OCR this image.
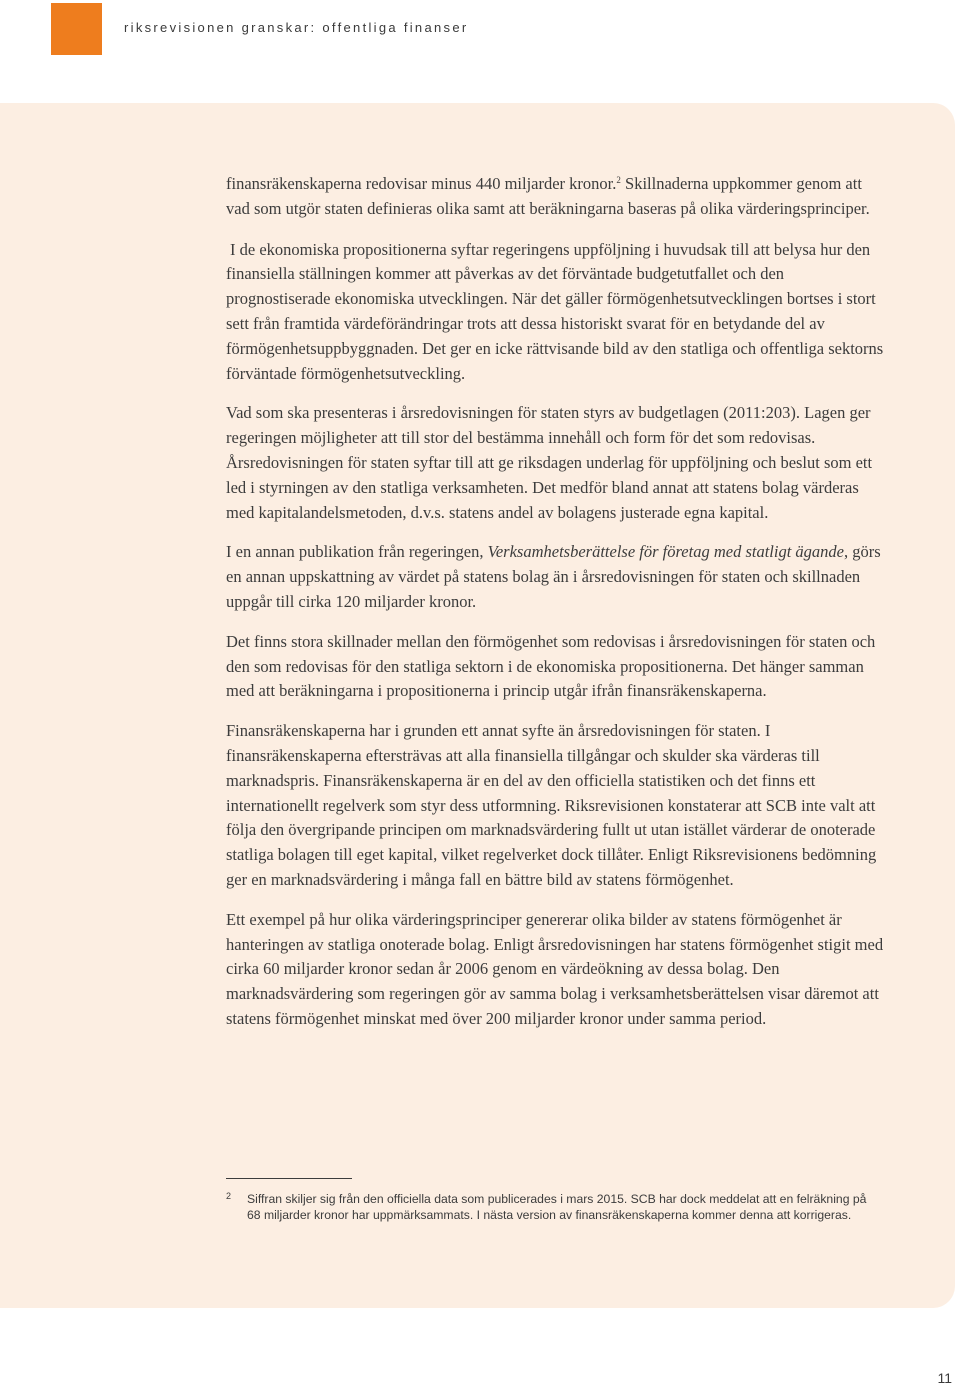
riksrevisionen granskar: offentliga finanser

finansräkenskaperna redovisar minus 440 miljarder kronor.$^2$ Skillnaderna uppkommer genom att vad som utgör staten definieras olika samt att beräkningarna baseras på olika värderingsprinciper.

I de ekonomiska propositionerna syftar regeringens uppföljning i huvudsak till att belysa hur den finansiella ställningen kommer att påverkas av det förväntade budgetutfallet och den prognostiserade ekonomiska utvecklingen. När det gäller förmögenhetsutvecklingen bortses i stort sett från framtida värdeförändringar trots att dessa historiskt svarat för en betydande del av förmögenhetsuppbyggnaden. Det ger en icke rättvisande bild av den statliga och offentliga sektorns förväntade förmögenhetsutveckling.

Vad som ska presenteras i årsredovisningen för staten styrs av budgetlagen (2011:203). Lagen ger regeringen möjligheter att till stor del bestämma innehåll och form för det som redovisas. Årsredovisningen för staten syftar till att ge riksdagen underlag för uppföljning och beslut som ett led i styrningen av den statliga verksamheten. Det medför bland annat att statens bolag värderas med kapitalandelsmetoden, d.v.s. statens andel av bolagens justerade egna kapital.

I en annan publikation från regeringen, Verksamhetsberättelse för företag med statligt ägande, görs en annan uppskattning av värdet på statens bolag än i årsredovisningen för staten och skillnaden uppgår till cirka 120 miljarder kronor.

Det finns stora skillnader mellan den förmögenhet som redovisas i årsredovisningen för staten och den som redovisas för den statliga sektorn i de ekonomiska propositionerna. Det hänger samman med att beräkningarna i propositionerna i princip utgår ifrån finansräkenskaperna.

Finansräkenskaperna har i grunden ett annat syfte än årsredovisningen för staten. I finansräkenskaperna eftersträvas att alla finansiella tillgångar och skulder ska värderas till marknadspris. Finansräkenskaperna är en del av den officiella statistiken och det finns ett internationellt regelverk som styr dess utformning. Riksrevisionen konstaterar att SCB inte valt att följa den övergripande principen om marknadsvärdering fullt ut utan istället värderar de onoterade statliga bolagen till eget kapital, vilket regelverket dock tillåter. Enligt Riksrevisionens bedömning ger en marknadsvärdering i många fall en bättre bild av statens förmögenhet.

Ett exempel på hur olika värderingsprinciper genererar olika bilder av statens förmögenhet är hanteringen av statliga onoterade bolag. Enligt årsredovisningen har statens förmögenhet stigit med cirka 60 miljarder kronor sedan år 2006 genom en värdeökning av dessa bolag. Den marknadsvärdering som regeringen gör av samma bolag i verksamhetsberättelsen visar däremot att statens förmögenhet minskat med över 200 miljarder kronor under samma period.

2 Siffran skiljer sig från den officiella data som publicerades i mars 2015. SCB har dock meddelat att en felräkning på 68 miljarder kronor har uppmärksammats. I nästa version av finansräkenskaperna kommer denna att korrigeras.
11
